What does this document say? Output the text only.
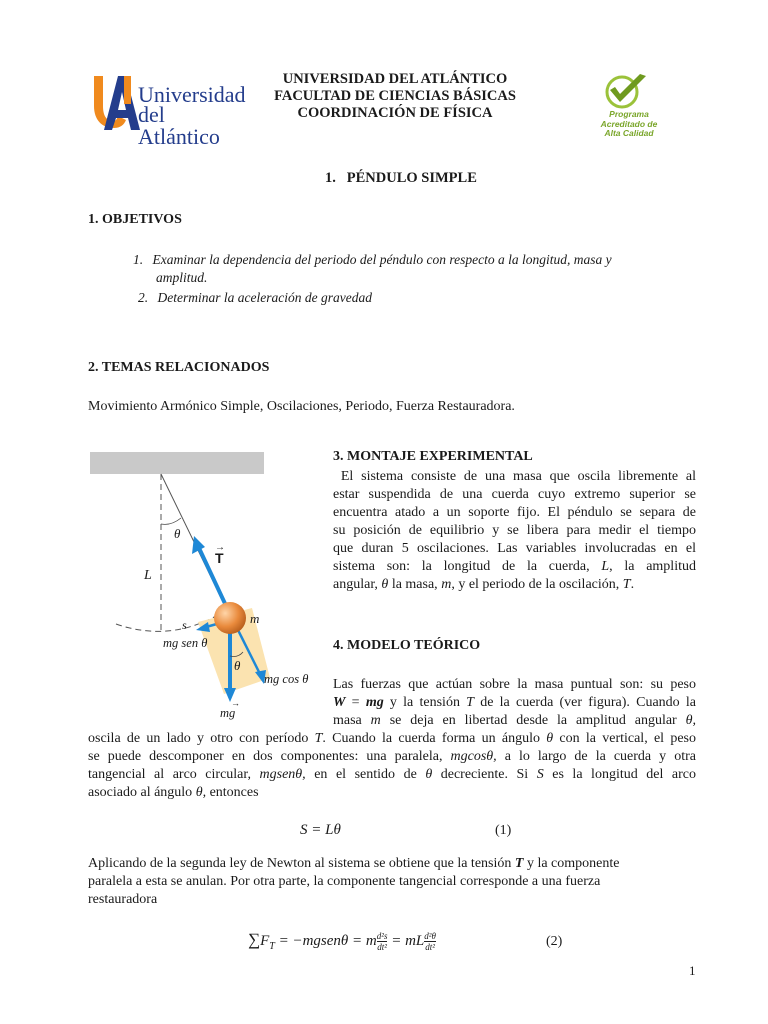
Universidad
del Atlántico
UNIVERSIDAD DEL ATLÁNTICO
FACULTAD DE CIENCIAS BÁSICAS
COORDINACIÓN DE FÍSICA	Programa
Acreditado de
Alta Calidad
1.   PÉNDULO SIMPLE
1. OBJETIVOS
1. Examinar la dependencia del periodo del péndulo con respecto a la longitud, masa y
amplitud.
2. Determinar la aceleración de gravedad
2. TEMAS RELACIONADOS
Movimiento Armónico Simple, Oscilaciones, Periodo, Fuerza Restauradora.
θ
L
T
→
m
s
mg sen θ
θ
mg cos θ
mg
→
3. MONTAJE EXPERIMENTAL
El sistema consiste de una masa que oscila libremente al
estar suspendida de una cuerda cuyo extremo superior se
encuentra atado a un soporte fijo. El péndulo se separa de
su posición de equilibrio y se libera para medir el tiempo
que duran 5 oscilaciones. Las variables involucradas en el
sistema son: la longitud de la cuerda, L, la amplitud
angular, θ la masa, m, y el periodo de la oscilación, T.
4. MODELO TEÓRICO
Las fuerzas que actúan sobre la masa puntual son: su peso
W = mg y la tensión T de la cuerda (ver figura). Cuando la
masa m se deja en libertad desde la amplitud angular θ,
oscila de un lado y otro con período T. Cuando la cuerda forma un ángulo θ con la vertical, el peso
se puede descomponer en dos componentes: una paralela, mgcosθ, a lo largo de la cuerda y otra
tangencial al arco circular, mgsenθ, en el sentido de θ decreciente. Si S es la longitud del arco
asociado al ángulo θ, entonces
S = Lθ	(1)
Aplicando de la segunda ley de Newton al sistema se obtiene que la tensión T y la componente
paralela a esta se anulan. Por otra parte, la componente tangencial corresponde a una fuerza
restauradora
$\sum F_T$ = −mgsenθ = m $\frac{\text{d²s}}{\text{dt²}}$ = mL $\frac{\text{d²θ}}{\text{dt²}}$	(2)
1
